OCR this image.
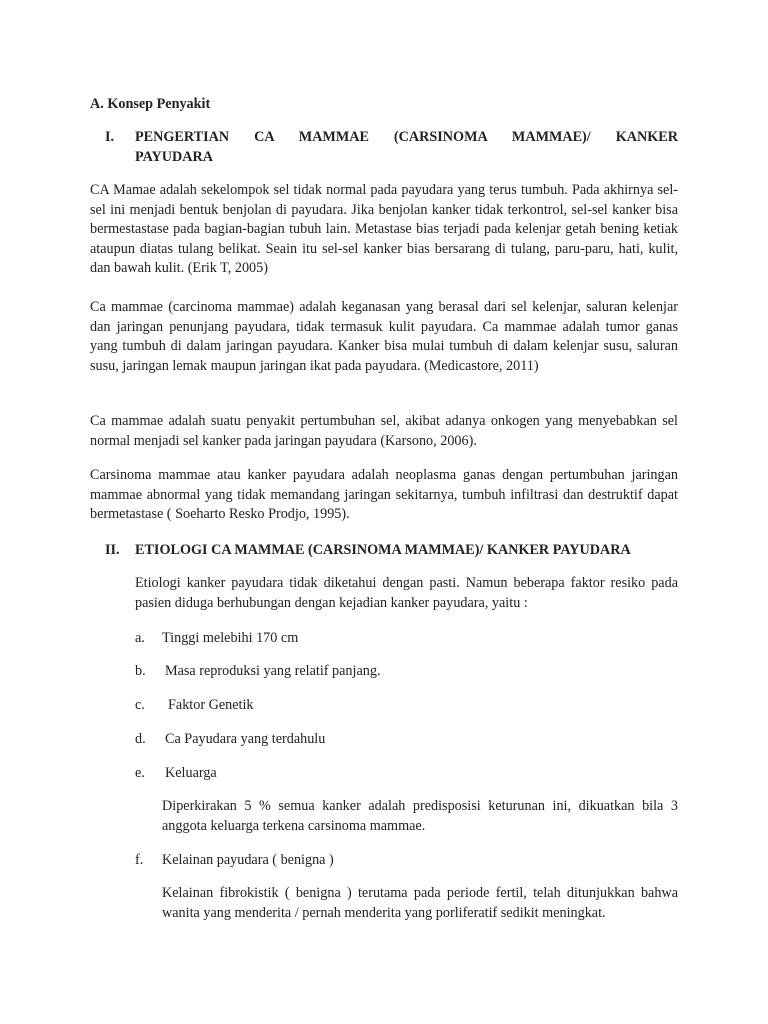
A. Konsep Penyakit
I. PENGERTIAN CA MAMMAE (CARSINOMA MAMMAE)/ KANKER
PAYUDARA

CA Mamae adalah sekelompok sel tidak normal pada payudara yang terus tumbuh. Pada akhirnya sel-sel ini menjadi bentuk benjolan di payudara. Jika benjolan kanker tidak terkontrol, sel-sel kanker bisa bermestastase pada bagian-bagian tubuh lain. Metastase bias terjadi pada kelenjar getah bening ketiak ataupun diatas tulang belikat. Seain itu sel-sel kanker bias bersarang di tulang, paru-paru, hati, kulit, dan bawah kulit. (Erik T, 2005)

Ca mammae (carcinoma mammae) adalah keganasan yang berasal dari sel kelenjar, saluran kelenjar dan jaringan penunjang payudara, tidak termasuk kulit payudara. Ca mammae adalah tumor ganas yang tumbuh di dalam jaringan payudara. Kanker bisa mulai tumbuh di dalam kelenjar susu, saluran susu, jaringan lemak maupun jaringan ikat pada payudara. (Medicastore, 2011)

Ca mammae adalah suatu penyakit pertumbuhan sel, akibat adanya onkogen yang menyebabkan sel normal menjadi sel kanker pada jaringan payudara (Karsono, 2006).

Carsinoma mammae atau kanker payudara adalah neoplasma ganas dengan pertumbuhan jaringan mammae abnormal yang tidak memandang jaringan sekitarnya, tumbuh infiltrasi dan destruktif dapat bermetastase ( Soeharto Resko Prodjo, 1995).

II. ETIOLOGI CA MAMMAE (CARSINOMA MAMMAE)/ KANKER PAYUDARA

Etiologi kanker payudara tidak diketahui dengan pasti. Namun beberapa faktor resiko pada pasien diduga berhubungan dengan kejadian kanker payudara, yaitu :

a. Tinggi melebihi 170 cm
b. Masa reproduksi yang relatif panjang.
c. Faktor Genetik
d. Ca Payudara yang terdahulu
e. Keluarga

Diperkirakan 5 % semua kanker adalah predisposisi keturunan ini, dikuatkan bila 3 anggota keluarga terkena carsinoma mammae.

f. Kelainan payudara ( benigna )

Kelainan fibrokistik ( benigna ) terutama pada periode fertil, telah ditunjukkan bahwa wanita yang menderita / pernah menderita yang porliferatif sedikit meningkat.
